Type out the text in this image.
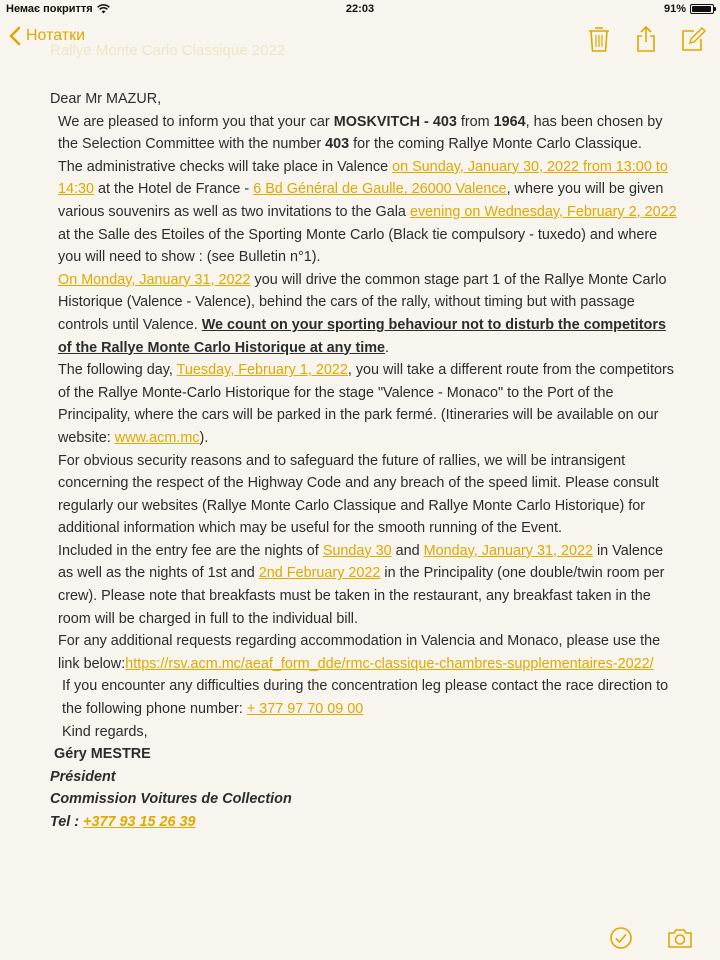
Немає покриття	22:03	91%
Rallye Monte Carlo Classique 2022
Нотатки

Dear Mr MAZUR,

We are pleased to inform you that your car MOSKVITCH - 403 from 1964, has been chosen by the Selection Committee with the number 403 for the coming Rallye Monte Carlo Classique.

The administrative checks will take place in Valence on Sunday, January 30, 2022 from 13:00 to 14:30 at the Hotel de France - 6 Bd Général de Gaulle, 26000 Valence, where you will be given various souvenirs as well as two invitations to the Gala evening on Wednesday, February 2, 2022 at the Salle des Etoiles of the Sporting Monte Carlo (Black tie compulsory - tuxedo) and where you will need to show : (see Bulletin n°1).

On Monday, January 31, 2022 you will drive the common stage part 1 of the Rallye Monte Carlo Historique (Valence - Valence), behind the cars of the rally, without timing but with passage controls until Valence. We count on your sporting behaviour not to disturb the competitors of the Rallye Monte Carlo Historique at any time.

The following day, Tuesday, February 1, 2022, you will take a different route from the competitors of the Rallye Monte-Carlo Historique for the stage "Valence - Monaco" to the Port of the Principality, where the cars will be parked in the park fermé. (Itineraries will be available on our website: www.acm.mc).

For obvious security reasons and to safeguard the future of rallies, we will be intransigent concerning the respect of the Highway Code and any breach of the speed limit. Please consult regularly our websites (Rallye Monte Carlo Classique and Rallye Monte Carlo Historique) for additional information which may be useful for the smooth running of the Event.

Included in the entry fee are the nights of Sunday 30 and Monday, January 31, 2022 in Valence as well as the nights of 1st and 2nd February 2022 in the Principality (one double/twin room per crew). Please note that breakfasts must be taken in the restaurant, any breakfast taken in the room will be charged in full to the individual bill.

For any additional requests regarding accommodation in Valencia and Monaco, please use the link below:https://rsv.acm.mc/aeaf_form_dde/rmc-classique-chambres-supplementaires-2022/

If you encounter any difficulties during the concentration leg please contact the race direction to the following phone number: + 377 97 70 09 00

Kind regards,

Géry MESTRE

Président

Commission Voitures de Collection

Tel : +377 93 15 26 39
